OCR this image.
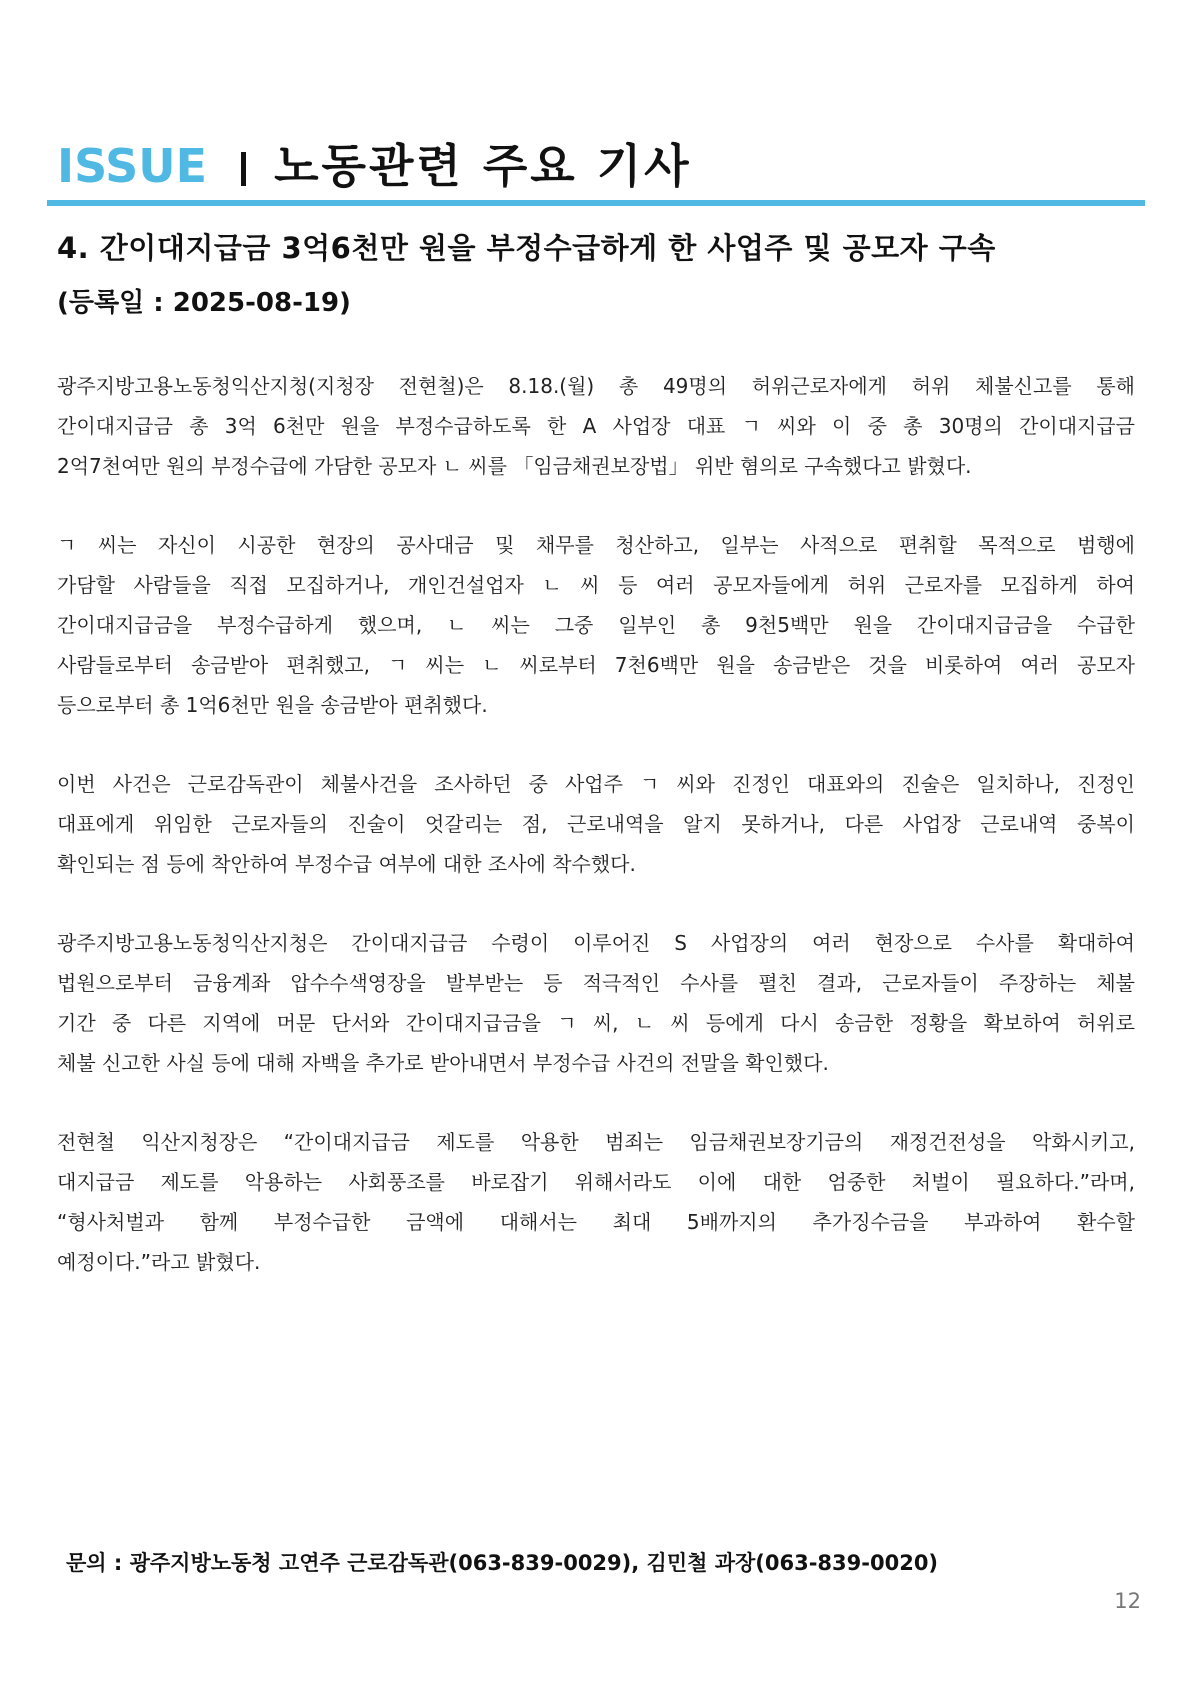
ISSUE 노동관련 주요 기사
4. 간이대지급금 3억6천만 원을 부정수급하게 한 사업주 및 공모자 구속
(등록일 : 2025-08-19)
광주지방고용노동청익산지청(지청장 전현철)은 8.18.(월) 총 49명의 허위근로자에게 허위 체불신고를 통해
간이대지급금 총 3억 6천만 원을 부정수급하도록 한 A 사업장 대표 ㄱ 씨와 이 중 총 30명의 간이대지급금
2억7천여만 원의 부정수급에 가담한 공모자 ㄴ 씨를 「임금채권보장법」 위반 혐의로 구속했다고 밝혔다.
ㄱ 씨는 자신이 시공한 현장의 공사대금 및 채무를 청산하고, 일부는 사적으로 편취할 목적으로 범행에
가담할 사람들을 직접 모집하거나, 개인건설업자 ㄴ 씨 등 여러 공모자들에게 허위 근로자를 모집하게 하여
간이대지급금을 부정수급하게 했으며, ㄴ 씨는 그중 일부인 총 9천5백만 원을 간이대지급금을 수급한
사람들로부터 송금받아 편취했고, ㄱ 씨는 ㄴ 씨로부터 7천6백만 원을 송금받은 것을 비롯하여 여러 공모자
등으로부터 총 1억6천만 원을 송금받아 편취했다.
이번 사건은 근로감독관이 체불사건을 조사하던 중 사업주 ㄱ 씨와 진정인 대표와의 진술은 일치하나, 진정인
대표에게 위임한 근로자들의 진술이 엇갈리는 점, 근로내역을 알지 못하거나, 다른 사업장 근로내역 중복이
확인되는 점 등에 착안하여 부정수급 여부에 대한 조사에 착수했다.
광주지방고용노동청익산지청은 간이대지급금 수령이 이루어진 S 사업장의 여러 현장으로 수사를 확대하여
법원으로부터 금융계좌 압수수색영장을 발부받는 등 적극적인 수사를 펼친 결과, 근로자들이 주장하는 체불
기간 중 다른 지역에 머문 단서와 간이대지급금을 ㄱ 씨, ㄴ 씨 등에게 다시 송금한 정황을 확보하여 허위로
체불 신고한 사실 등에 대해 자백을 추가로 받아내면서 부정수급 사건의 전말을 확인했다.
전현철 익산지청장은 “간이대지급금 제도를 악용한 범죄는 임금채권보장기금의 재정건전성을 악화시키고,
대지급금 제도를 악용하는 사회풍조를 바로잡기 위해서라도 이에 대한 엄중한 처벌이 필요하다.”라며,
“형사처벌과 함께 부정수급한 금액에 대해서는 최대 5배까지의 추가징수금을 부과하여 환수할
예정이다.”라고 밝혔다.
문의 : 광주지방노동청 고연주 근로감독관(063-839-0029), 김민철 과장(063-839-0020)
12
